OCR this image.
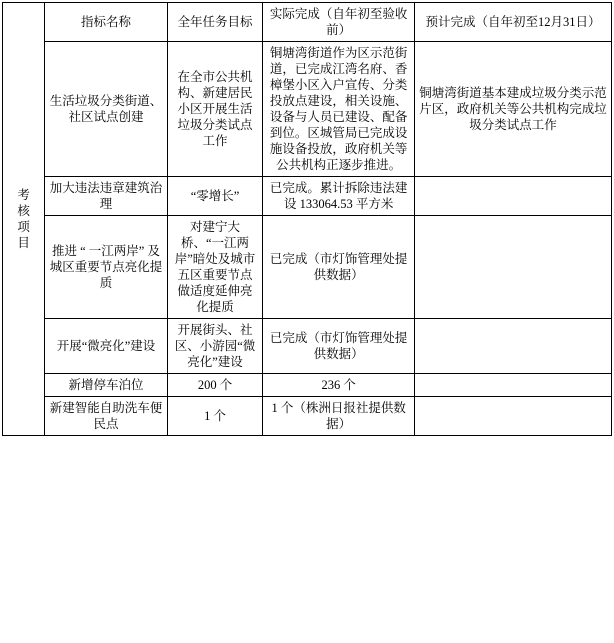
考
核
项
目	指标名称	全年任务目标	实际完成（自年初至验收前）	预计完成（自年初至12月31日）
	生活垃圾分类街道、社区试点创建	在全市公共机构、新建居民小区开展生活垃圾分类试点工作	铜塘湾街道作为区示范街道，已完成江湾名府、香樟堡小区入户宣传、分类投放点建设，相关设施、设备与人员已建设、配备到位。区城管局已完成设施设备投放，政府机关等公共机构正逐步推进。	铜塘湾街道基本建成垃圾分类示范片区，政府机关等公共机构完成垃圾分类试点工作
	加大违法违章建筑治理	“零增长”	已完成。累计拆除违法建设 133064.53 平方米	
	推进 “ 一江两岸” 及城区重要节点亮化提质	对建宁大桥、“一江两岸”暗处及城市五区重要节点做适度延伸亮化提质	已完成（市灯饰管理处提供数据）	
	开展“微亮化”建设	开展街头、社区、小游园“微亮化”建设	已完成（市灯饰管理处提供数据）	
	新增停车泊位	200 个	236 个	
	新建智能自助洗车便民点	1 个	1 个（株洲日报社提供数据）	
